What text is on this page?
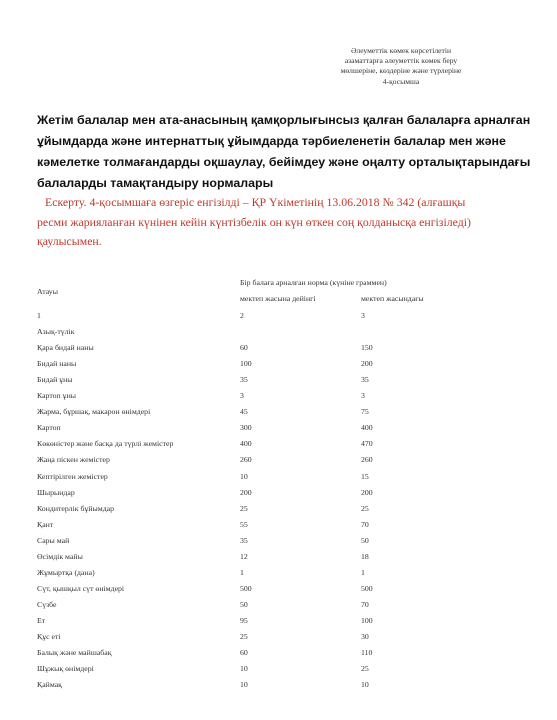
Әлеуметтік көмек көрсетілетін
азаматтарға әлеуметтік көмек беру
мөлшеріне, көздеріне және түрлеріне
4-қосымша
Жетім балалар мен ата-анасының қамқорлығынсыз қалған балаларға арналған
ұйымдарда және интернаттық ұйымдарда тәрбиеленетін балалар мен және
кәмелетке толмағандарды оқшаулау, бейімдеу және оңалту орталықтарындағы
балаларды тамақтандыру нормалары
Ескерту. 4-қосымшаға өзгеріс енгізілді – ҚР Үкіметінің 13.06.2018 № 342 (алғашқы
ресми жарияланған күнінен кейін күнтізбелік он күн өткен соң қолданысқа енгізіледі)
қаулысымен.
Бір балаға арналған норма (күніне граммен)
Атауы
мектеп жасына дейінгі	мектеп жасындағы
1	2	3
Азық-түлік
Қара бидай наны	60	150
Бидай наны	100	200
Бидай ұны	35	35
Картоп ұны	3	3
Жарма, бұршақ, макарон өнімдері	45	75
Картоп	300	400
Көкөністер және басқа да түрлі жемістер	400	470
Жаңа піскен жемістер	260	260
Кептірілген жемістер	10	15
Шырындар	200	200
Кондитерлік бұйымдар	25	25
Қант	55	70
Сары май	35	50
Өсімдік майы	12	18
Жұмыртқа (дана)	1	1
Сүт, қышқыл сүт өнімдері	500	500
Сүзбе	50	70
Ет	95	100
Құс еті	25	30
Балық және майшабақ	60	110
Шұжық өнімдері	10	25
Қаймақ	10	10
